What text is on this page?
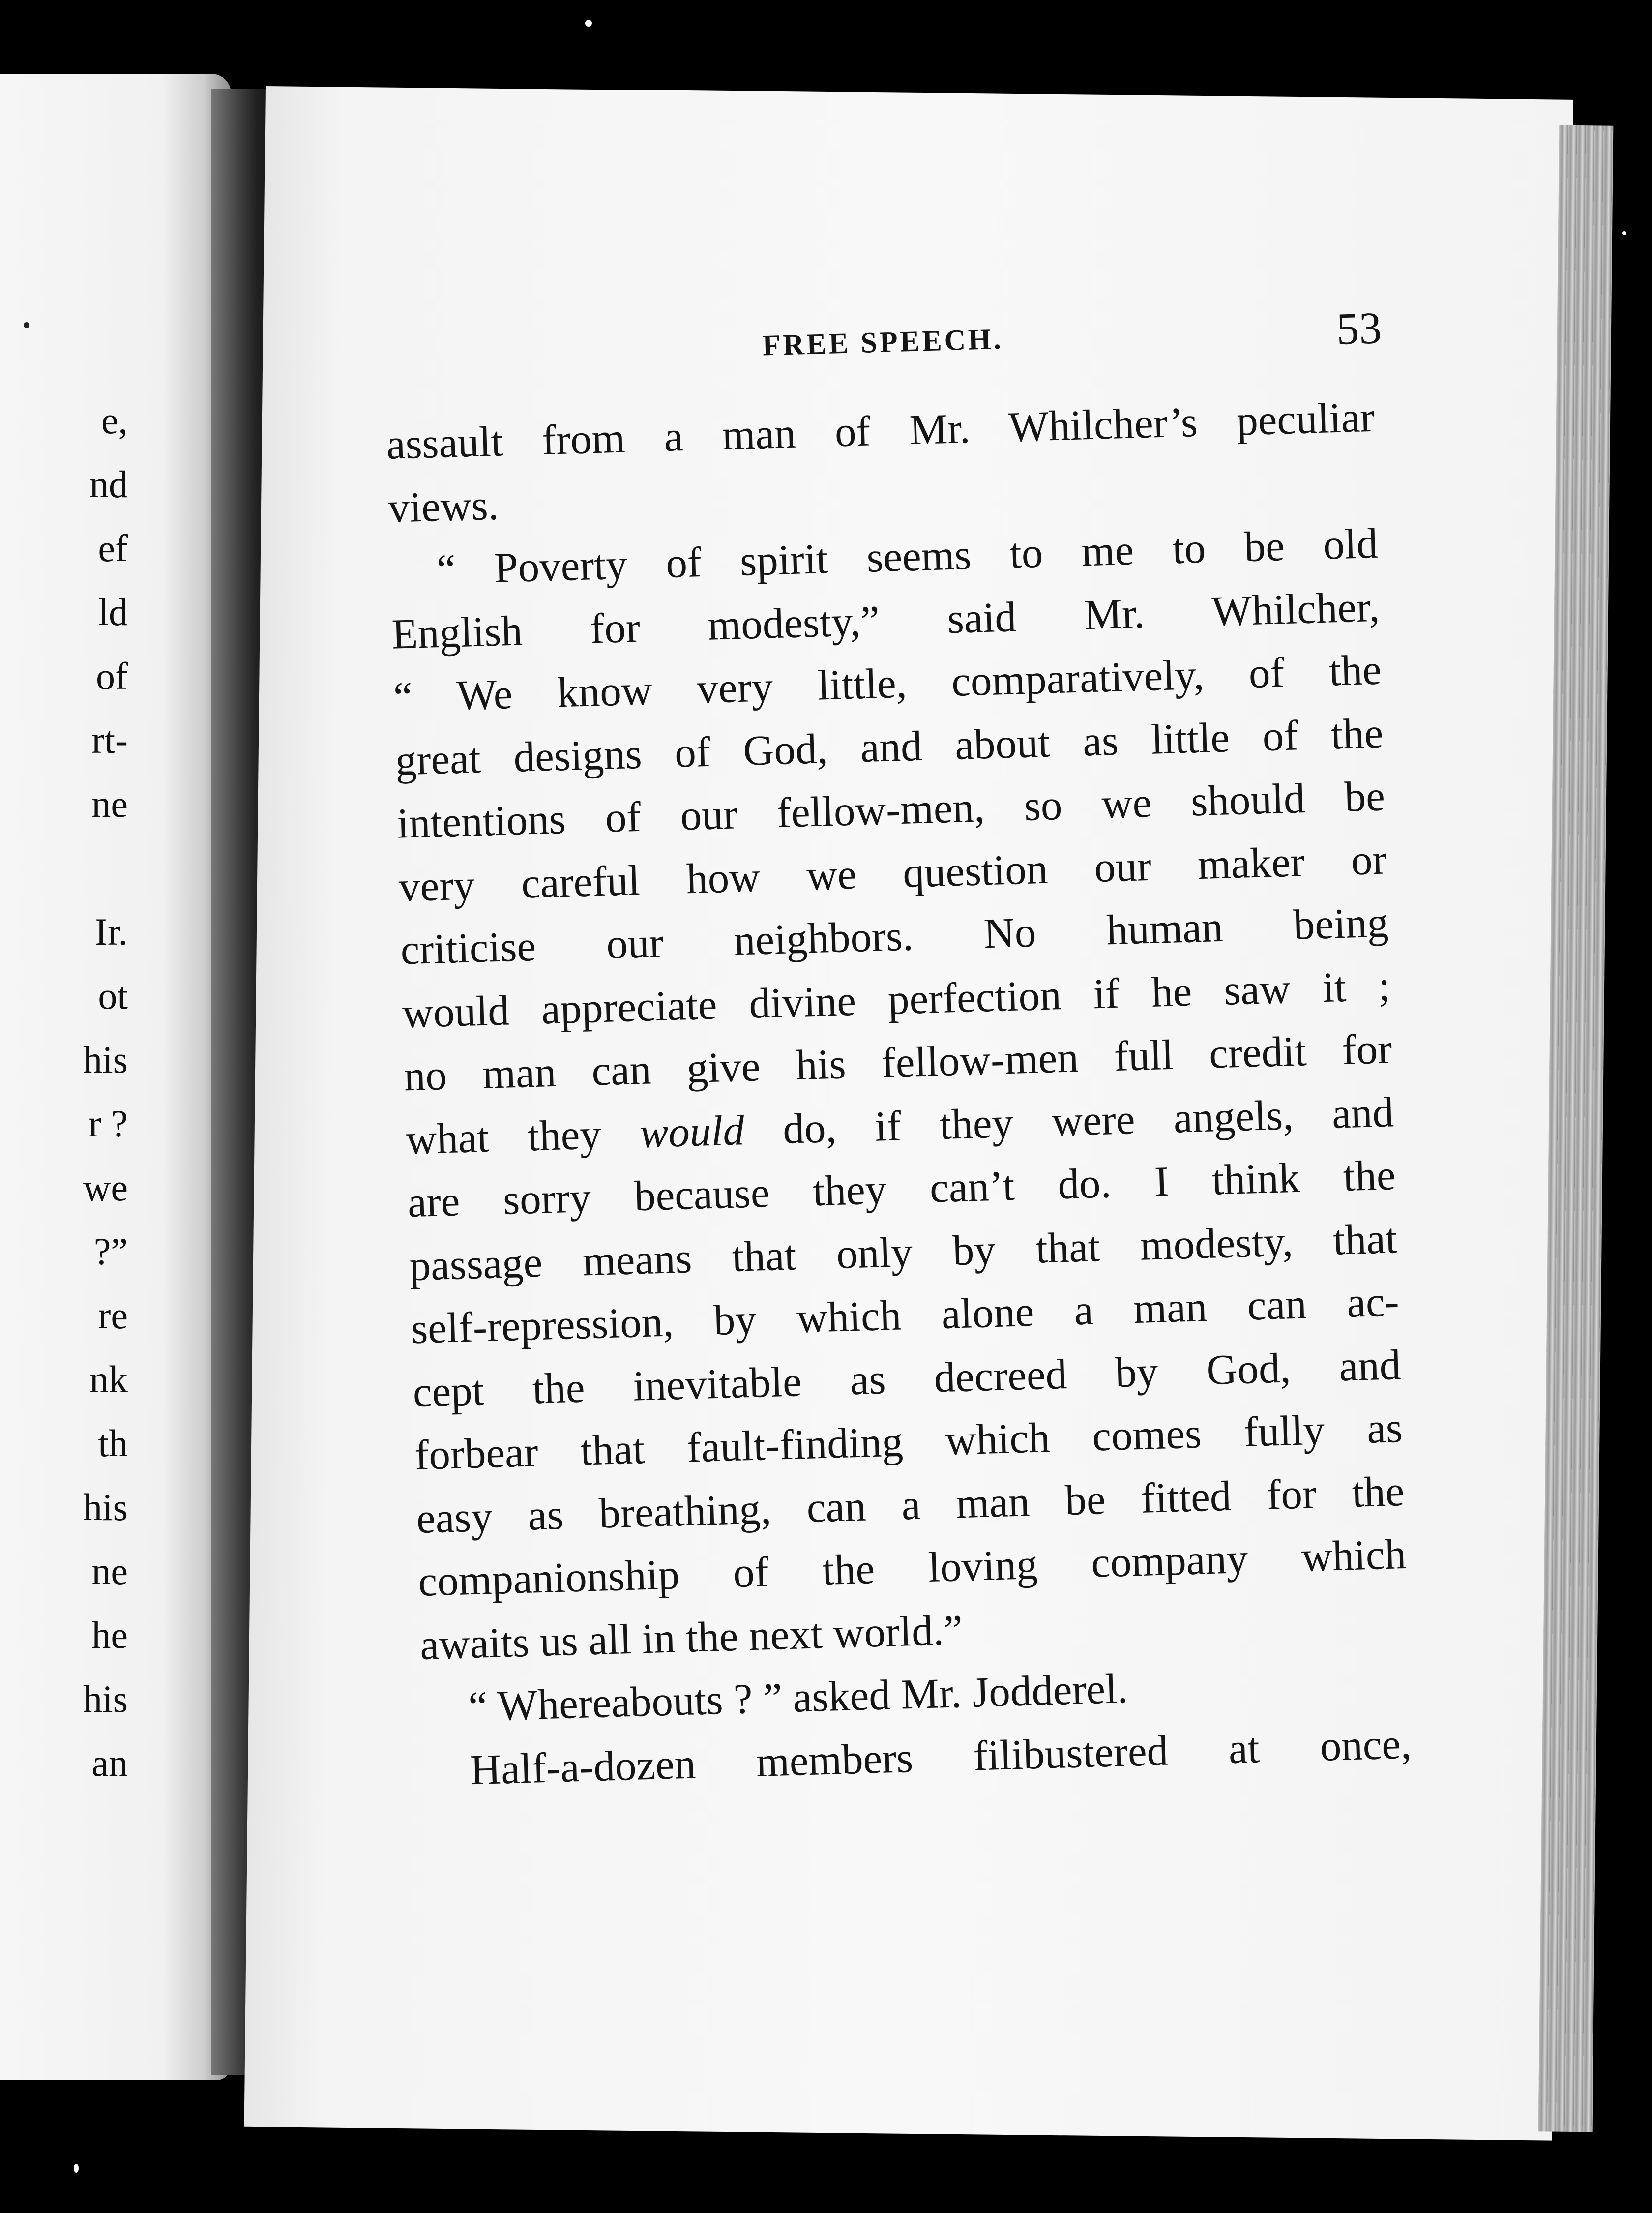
e,
nd
ef
ld
of
rt-
ne
Ir.
ot
his
r ?
we
?”
re
nk
th
his
ne
he
his
an
FREE SPEECH.	53
assault from a man of Mr. Whilcher’s peculiar
views.
“ Poverty of spirit seems to me to be old
English for modesty,” said Mr. Whilcher,
“ We know very little, comparatively, of the
great designs of God, and about as little of the
intentions of our fellow-men, so we should be
very careful how we question our maker or
criticise our neighbors. No human being
would appreciate divine perfection if he saw it ;
no man can give his fellow-men full credit for
what they would do, if they were angels, and
are sorry because they can’t do. I think the
passage means that only by that modesty, that
self-repression, by which alone a man can ac-
cept the inevitable as decreed by God, and
forbear that fault-finding which comes fully as
easy as breathing, can a man be fitted for the
companionship of the loving company which
awaits us all in the next world.”
“ Whereabouts ? ” asked Mr. Jodderel.
Half-a-dozen members filibustered at once,
